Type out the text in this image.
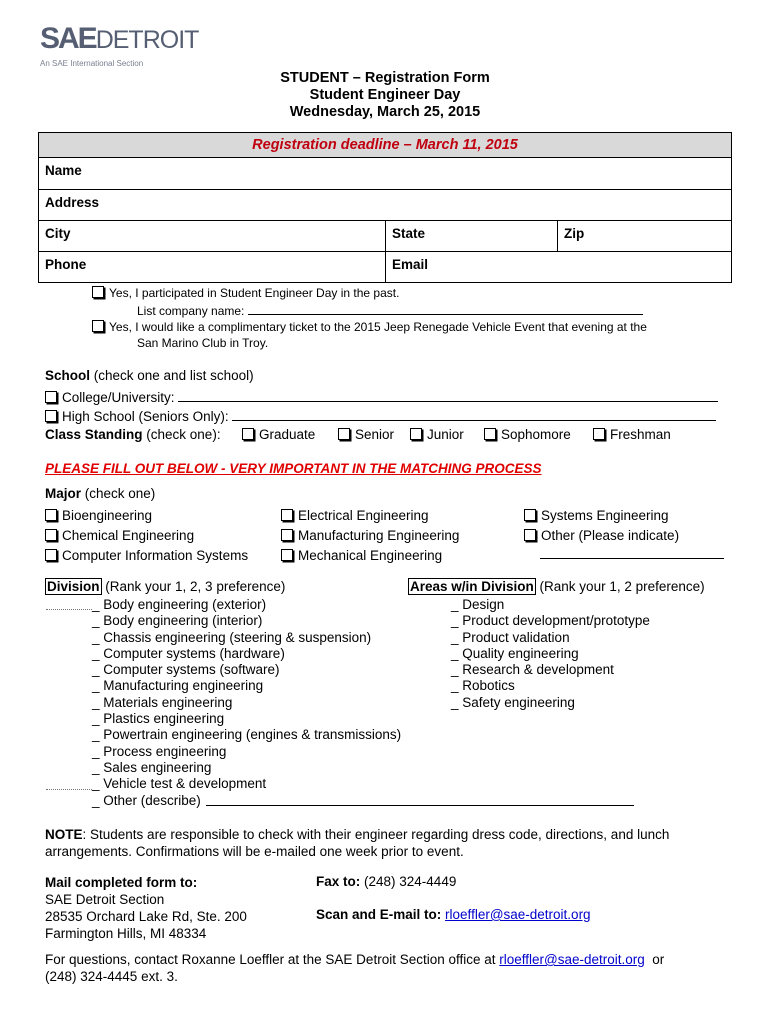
SAEDETROIT
An SAE International Section
STUDENT – Registration Form
Student Engineer Day
Wednesday, March 25, 2015
Registration deadline – March 11, 2015
Name
Address
City	State	Zip
Phone	Email
Yes, I participated in Student Engineer Day in the past.
List company name:
Yes, I would like a complimentary ticket to the 2015 Jeep Renegade Vehicle Event that evening at the
San Marino Club in Troy.
School (check one and list school)
College/University:
High School (Seniors Only):
Class Standing (check one):	Graduate	Senior	Junior	Sophomore	Freshman
PLEASE FILL OUT BELOW - VERY IMPORTANT IN THE MATCHING PROCESS
Major (check one)
Bioengineering
Chemical Engineering
Computer Information Systems
Electrical Engineering
Manufacturing Engineering
Mechanical Engineering
Systems Engineering
Other (Please indicate)
Division (Rank your 1, 2, 3 preference)
_ Body engineering (exterior)
_ Body engineering (interior)
_ Chassis engineering (steering & suspension)
_ Computer systems (hardware)
_ Computer systems (software)
_ Manufacturing engineering
_ Materials engineering
_ Plastics engineering
_ Powertrain engineering (engines & transmissions)
_ Process engineering
_ Sales engineering
_ Vehicle test & development
_ Other (describe)
Areas w/in Division (Rank your 1, 2 preference)
_ Design
_ Product development/prototype
_ Product validation
_ Quality engineering
_ Research & development
_ Robotics
_ Safety engineering
NOTE: Students are responsible to check with their engineer regarding dress code, directions, and lunch
arrangements. Confirmations will be e-mailed one week prior to event.
Mail completed form to:
SAE Detroit Section
28535 Orchard Lake Rd, Ste. 200
Farmington Hills, MI 48334
Fax to: (248) 324-4449
Scan and E-mail to: rloeffler@sae-detroit.org
For questions, contact Roxanne Loeffler at the SAE Detroit Section office at rloeffler@sae-detroit.org  or
(248) 324-4445 ext. 3.
